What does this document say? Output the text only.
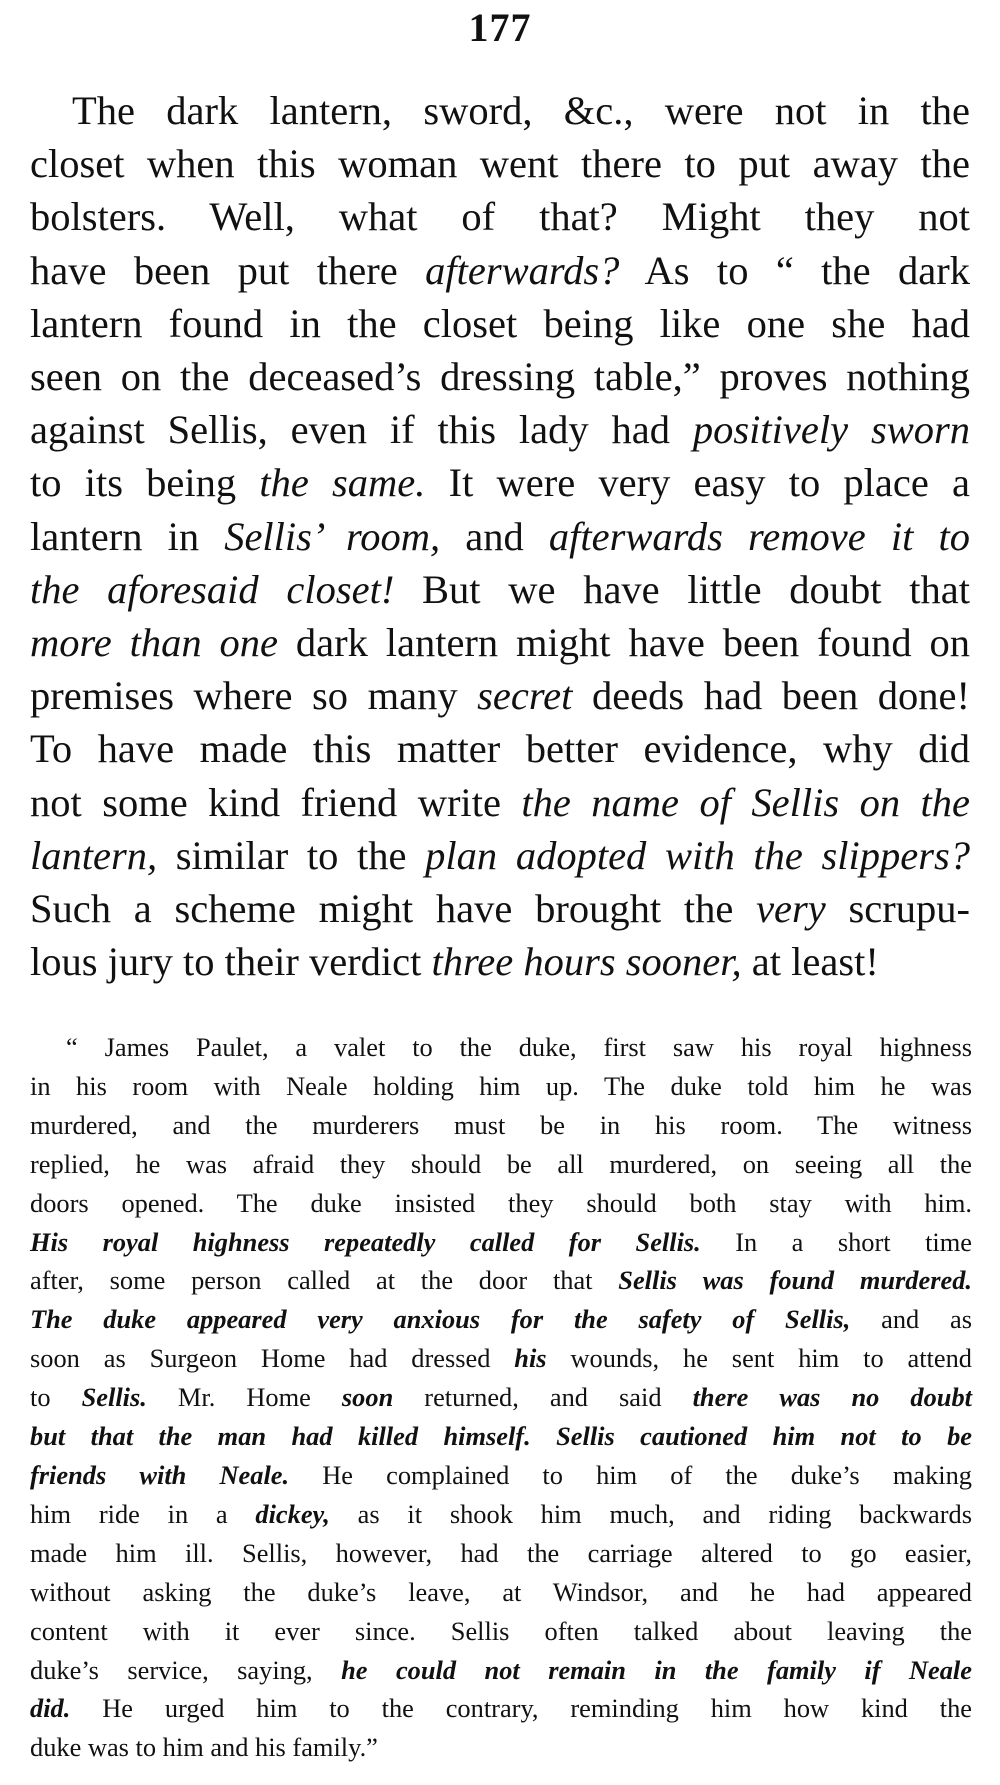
177
The dark lantern, sword, &c., were not in the
closet when this woman went there to put away the
bolsters. Well, what of that? Might they not
have been put there afterwards? As to “ the dark
lantern found in the closet being like one she had
seen on the deceased’s dressing table,” proves nothing
against Sellis, even if this lady had positively sworn
to its being the same. It were very easy to place a
lantern in Sellis’ room, and afterwards remove it to
the aforesaid closet! But we have little doubt that
more than one dark lantern might have been found on
premises where so many secret deeds had been done!
To have made this matter better evidence, why did
not some kind friend write the name of Sellis on the
lantern, similar to the plan adopted with the slippers?
Such a scheme might have brought the very scrupu-
lous jury to their verdict three hours sooner, at least!
“ James Paulet, a valet to the duke, first saw his royal highness
in his room with Neale holding him up. The duke told him he was
murdered, and the murderers must be in his room. The witness
replied, he was afraid they should be all murdered, on seeing all the
doors opened. The duke insisted they should both stay with him.
His royal highness repeatedly called for Sellis. In a short time
after, some person called at the door that Sellis was found murdered.
The duke appeared very anxious for the safety of Sellis, and as
soon as Surgeon Home had dressed his wounds, he sent him to attend
to Sellis. Mr. Home soon returned, and said there was no doubt
but that the man had killed himself. Sellis cautioned him not to be
friends with Neale. He complained to him of the duke’s making
him ride in a dickey, as it shook him much, and riding backwards
made him ill. Sellis, however, had the carriage altered to go easier,
without asking the duke’s leave, at Windsor, and he had appeared
content with it ever since. Sellis often talked about leaving the
duke’s service, saying, he could not remain in the family if Neale
did. He urged him to the contrary, reminding him how kind the
duke was to him and his family.”
